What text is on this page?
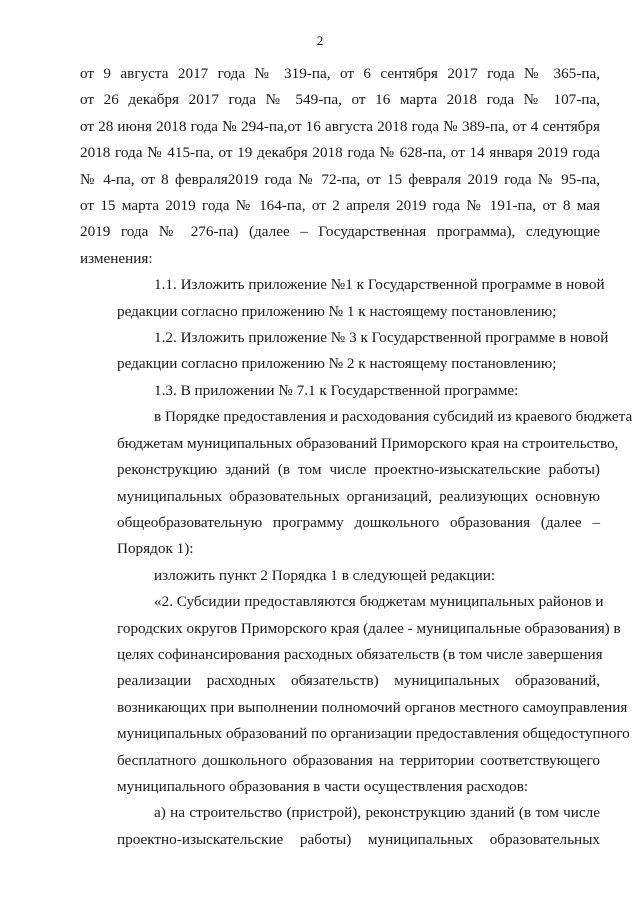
2
от 9 августа 2017 года № 319-па, от 6 сентября 2017 года № 365-па,
от 26 декабря 2017 года № 549-па, от 16 марта 2018 года № 107-па,
от 28 июня 2018 года № 294-па,от 16 августа 2018 года № 389-па, от 4 сентября
2018 года № 415-па, от 19 декабря 2018 года № 628-па, от 14 января 2019 года
№ 4-па, от 8 февраля2019 года № 72-па, от 15 февраля 2019 года № 95-па,
от 15 марта 2019 года № 164-па, от 2 апреля 2019 года № 191-па, от 8 мая
2019 года № 276-па) (далее – Государственная программа), следующие
изменения:
1.1. Изложить приложение №1 к Государственной программе в новой
редакции согласно приложению № 1 к настоящему постановлению;
1.2. Изложить приложение № 3 к Государственной программе в новой
редакции согласно приложению № 2 к настоящему постановлению;
1.3. В приложении № 7.1 к Государственной программе:
в Порядке предоставления и расходования субсидий из краевого бюджета
бюджетам муниципальных образований Приморского края на строительство,
реконструкцию зданий (в том числе проектно-изыскательские работы)
муниципальных образовательных организаций, реализующих основную
общеобразовательную программу дошкольного образования (далее –
Порядок 1):
изложить пункт 2 Порядка 1 в следующей редакции:
«2. Субсидии предоставляются бюджетам муниципальных районов и
городских округов Приморского края (далее - муниципальные образования) в
целях софинансирования расходных обязательств (в том числе завершения
реализации расходных обязательств) муниципальных образований,
возникающих при выполнении полномочий органов местного самоуправления
муниципальных образований по организации предоставления общедоступного
бесплатного дошкольного образования на территории соответствующего
муниципального образования в части осуществления расходов:
а) на строительство (пристрой), реконструкцию зданий (в том числе
проектно-изыскательские работы) муниципальных образовательных
